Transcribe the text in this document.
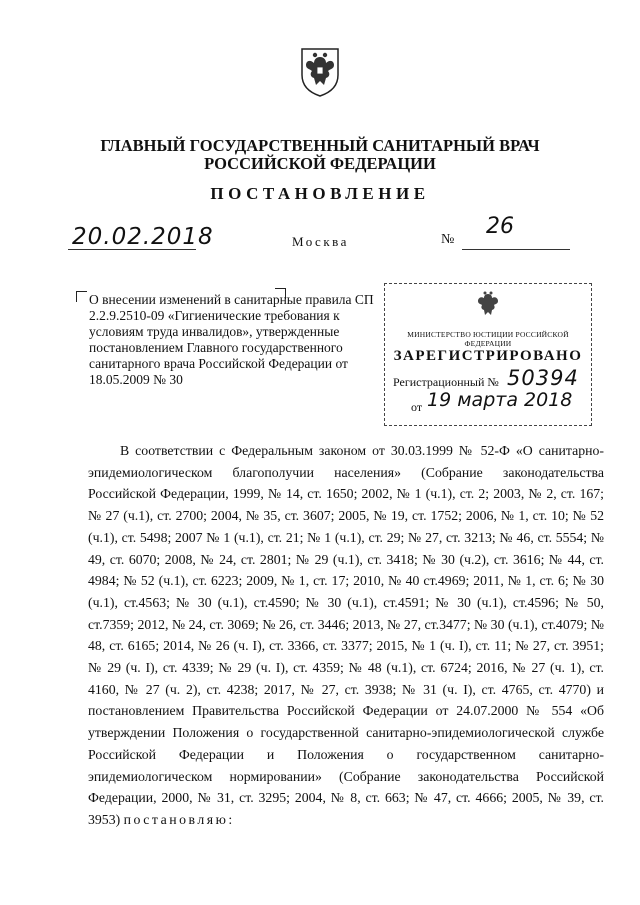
ГЛАВНЫЙ ГОСУДАРСТВЕННЫЙ САНИТАРНЫЙ ВРАЧ
РОССИЙСКОЙ ФЕДЕРАЦИИ
ПОСТАНОВЛЕНИЕ
20.02.2018	Москва	№
26
О внесении изменений в санитарные правила СП 2.2.9.2510-09 «Гигиенические требования к условиям труда инвалидов», утвержденные постановлением Главного государственного санитарного врача Российской Федерации от 18.05.2009 № 30
МИНИСТЕРСТВО ЮСТИЦИИ РОССИЙСКОЙ ФЕДЕРАЦИИ
ЗАРЕГИСТРИРОВАНО
Регистрационный № 50394
от 19 марта 2018

В соответствии с Федеральным законом от 30.03.1999 № 52-Ф «О санитарно-эпидемиологическом благополучии населения» (Собрание законодательства Российской Федерации, 1999, № 14, ст. 1650; 2002, № 1 (ч.1), ст. 2; 2003, № 2, ст. 167; № 27 (ч.1), ст. 2700; 2004, № 35, ст. 3607; 2005, № 19, ст. 1752; 2006, № 1, ст. 10; № 52 (ч.1), ст. 5498; 2007 № 1 (ч.1), ст. 21; № 1 (ч.1), ст. 29; № 27, ст. 3213; № 46, ст. 5554; № 49, ст. 6070; 2008, № 24, ст. 2801; № 29 (ч.1), ст. 3418; № 30 (ч.2), ст. 3616; № 44, ст. 4984; № 52 (ч.1), ст. 6223; 2009, № 1, ст. 17; 2010, № 40 ст.4969; 2011, № 1, ст. 6; № 30 (ч.1), ст.4563; № 30 (ч.1), ст.4590; № 30 (ч.1), ст.4591; № 30 (ч.1), ст.4596; № 50, ст.7359; 2012, № 24, ст. 3069; № 26, ст. 3446; 2013, № 27, ст.3477; № 30 (ч.1), ст.4079; № 48, ст. 6165; 2014, № 26 (ч. I), ст. 3366, ст. 3377; 2015, № 1 (ч. I), ст. 11; № 27, ст. 3951; № 29 (ч. I), ст. 4339; № 29 (ч. I), ст. 4359; № 48 (ч.1), ст. 6724; 2016, № 27 (ч. 1), ст. 4160, № 27 (ч. 2), ст. 4238; 2017, № 27, ст. 3938; № 31 (ч. I), ст. 4765, ст. 4770) и постановлением Правительства Российской Федерации от 24.07.2000 № 554 «Об утверждении Положения о государственной санитарно-эпидемиологической службе Российской Федерации и Положения о государственном санитарно-эпидемиологическом нормировании» (Собрание законодательства Российской Федерации, 2000, № 31, ст. 3295; 2004, № 8, ст. 663; № 47, ст. 4666; 2005, № 39, ст. 3953) постановляю:
